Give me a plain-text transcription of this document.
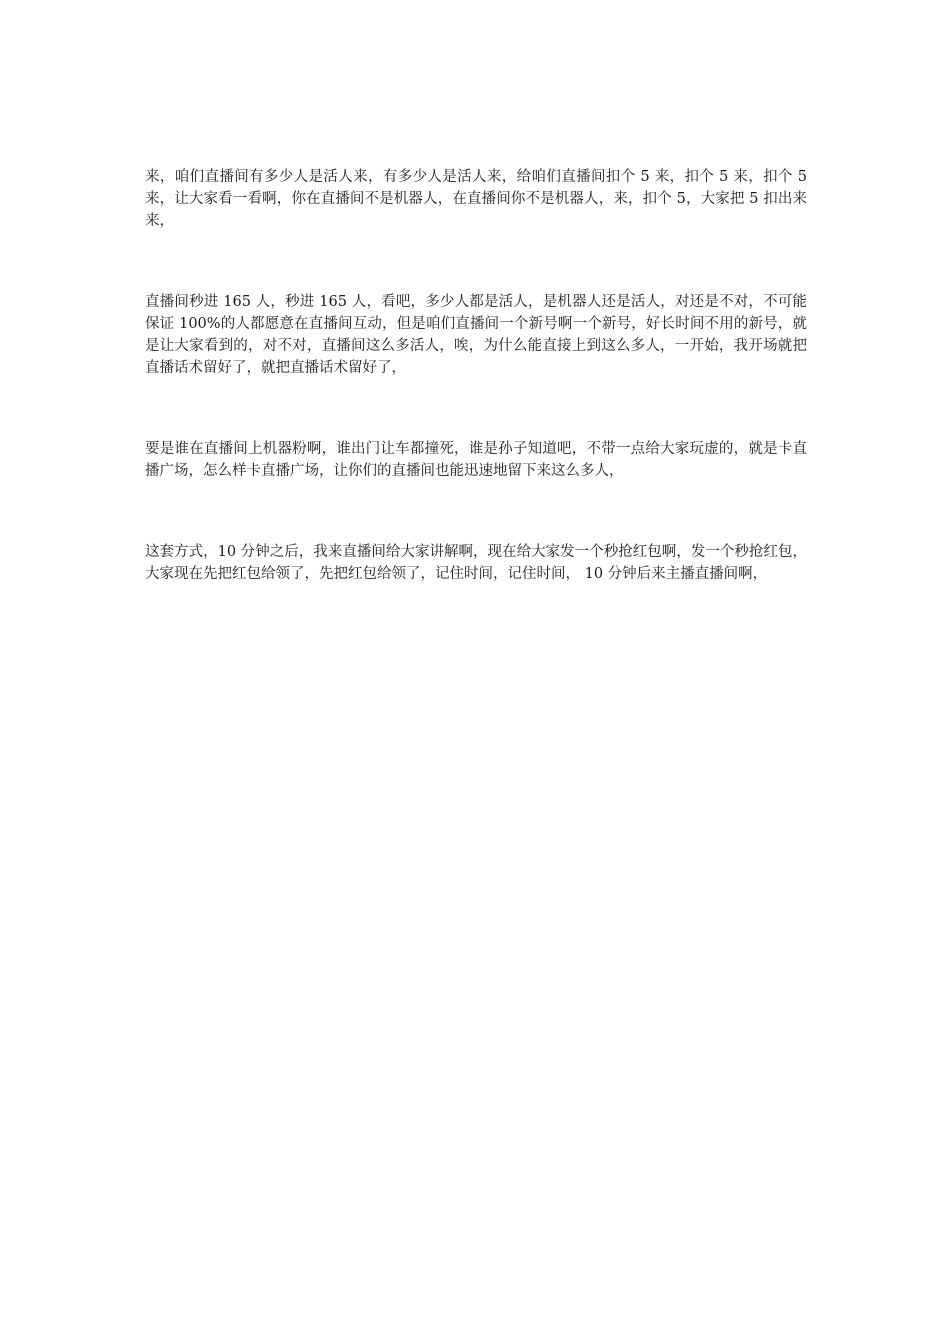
来，咱们直播间有多少人是活人来，有多少人是活人来，给咱们直播间扣个 5 来，扣个 5 来，扣个 5 来，让大家看一看啊，你在直播间不是机器人，在直播间你不是机器人，来，扣个 5，大家把 5 扣出来来，

直播间秒进 165 人，秒进 165 人，看吧，多少人都是活人，是机器人还是活人，对还是不对，不可能保证 100%的人都愿意在直播间互动，但是咱们直播间一个新号啊一个新号，好长时间不用的新号，就是让大家看到的，对不对，直播间这么多活人，唉，为什么能直接上到这么多人，一开始，我开场就把直播话术留好了，就把直播话术留好了，

要是谁在直播间上机器粉啊，谁出门让车都撞死，谁是孙子知道吧，不带一点给大家玩虚的，就是卡直播广场，怎么样卡直播广场，让你们的直播间也能迅速地留下来这么多人，

这套方式，10 分钟之后，我来直播间给大家讲解啊，现在给大家发一个秒抢红包啊，发一个秒抢红包，大家现在先把红包给领了，先把红包给领了，记住时间，记住时间， 10 分钟后来主播直播间啊，
